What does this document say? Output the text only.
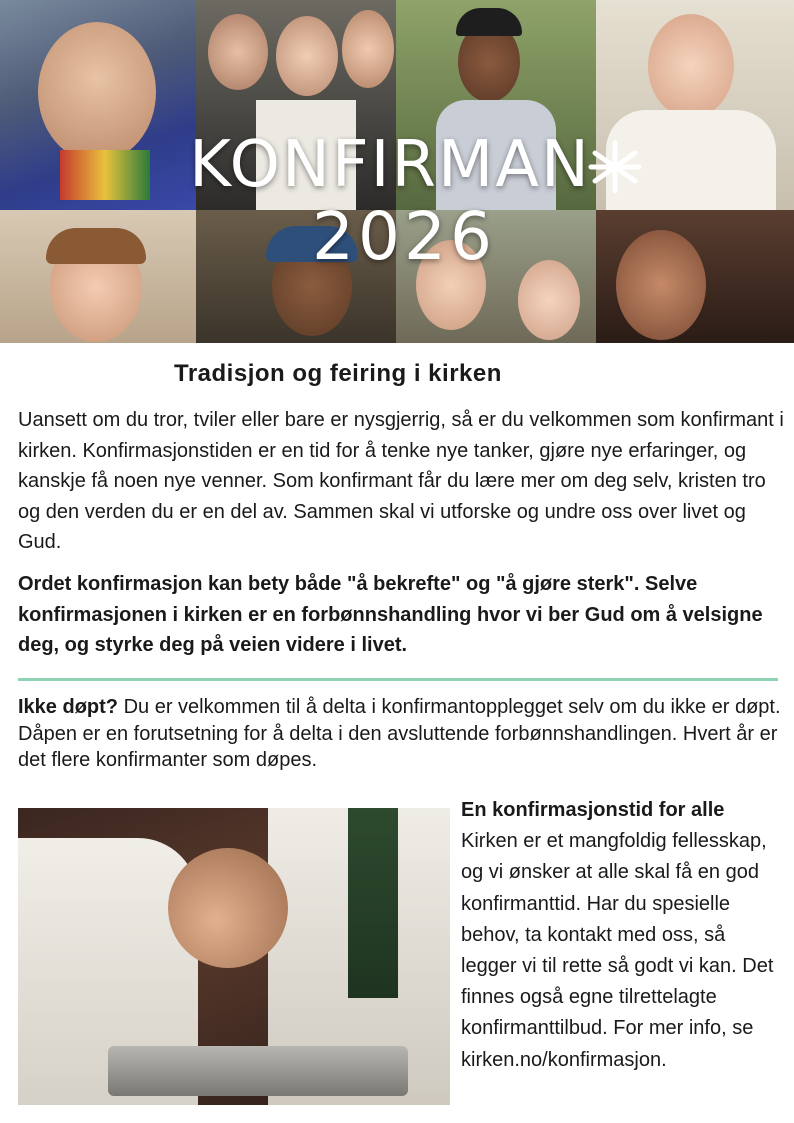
KONFIRMAN
2026
Tradisjon og feiring i kirken

Uansett om du tror, tviler eller bare er nysgjerrig, så er du velkommen som konfirmant i kirken. Konfirmasjonstiden er en tid for å tenke nye tanker, gjøre nye erfaringer, og kanskje få noen nye venner. Som konfirmant får du lære mer om deg selv, kristen tro og den verden du er en del av. Sammen skal vi utforske og undre oss over livet og Gud.

Ordet konfirmasjon kan bety både "å bekrefte" og "å gjøre sterk". Selve konfirmasjonen i kirken er en forbønnshandling hvor vi ber Gud om å velsigne deg, og styrke deg på veien videre i livet.

Ikke døpt? Du er velkommen til å delta i konfirmantopplegget selv om du ikke er døpt. Dåpen er en forutsetning for å delta i den avsluttende forbønnshandlingen. Hvert år er det flere konfirmanter som døpes.

En konfirmasjonstid for alle
Kirken er et mangfoldig fellesskap, og vi ønsker at alle skal få en god konfirmanttid. Har du spesielle behov, ta kontakt med oss, så legger vi til rette så godt vi kan. Det finnes også egne tilrettelagte konfirmanttilbud. For mer info, se kirken.no/konfirmasjon.
